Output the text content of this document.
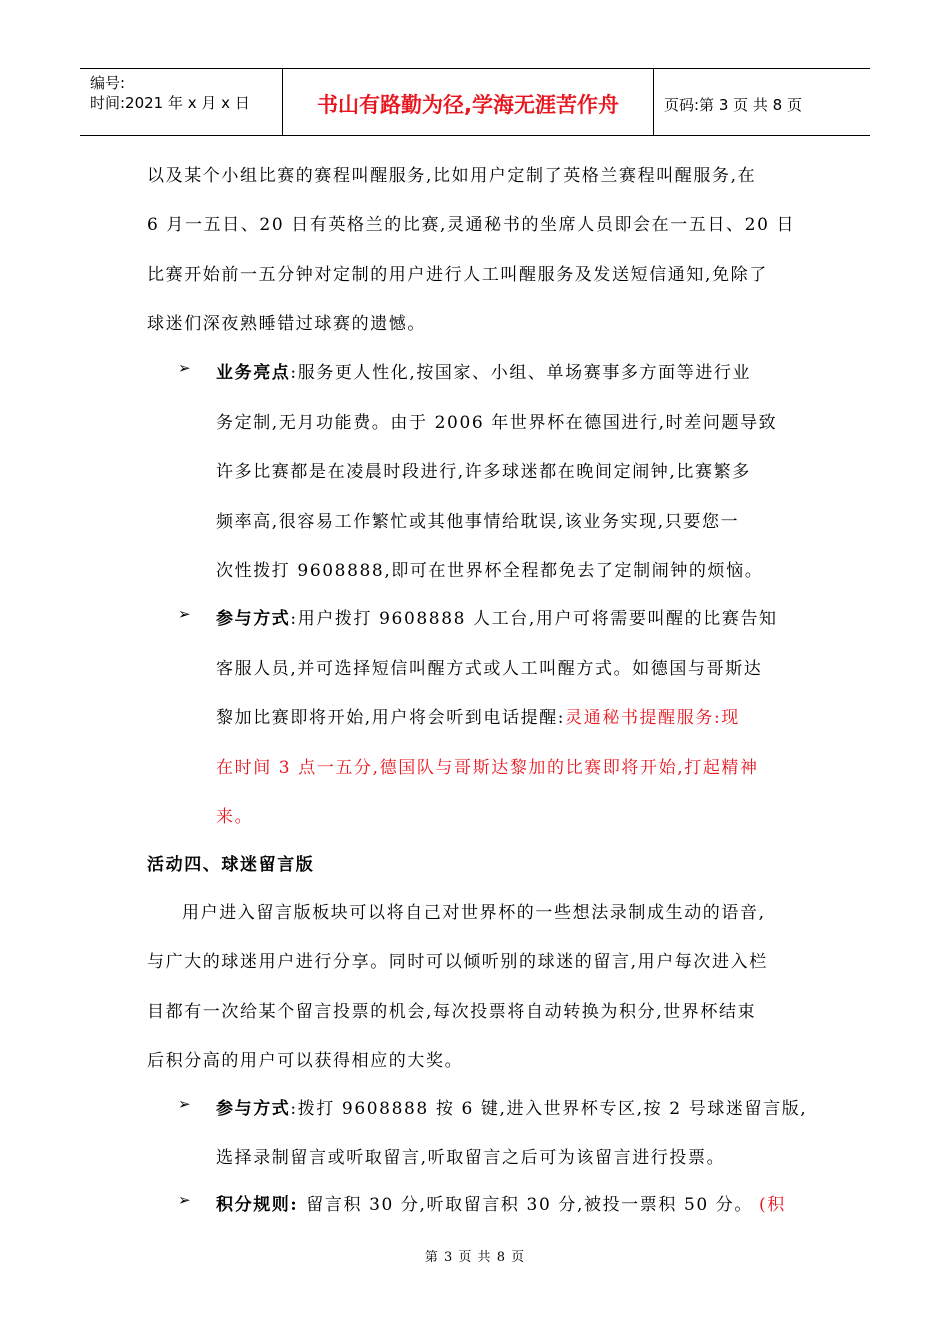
编号:
时间:2021 年 x 月 x 日	书山有路勤为径,学海无涯苦作舟	页码:第 3 页 共 8 页
以及某个小组比赛的赛程叫醒服务,比如用户定制了英格兰赛程叫醒服务,在
6 月一五日、20 日有英格兰的比赛,灵通秘书的坐席人员即会在一五日、20 日
比赛开始前一五分钟对定制的用户进行人工叫醒服务及发送短信通知,免除了
球迷们深夜熟睡错过球赛的遗憾。
➢ 业务亮点:服务更人性化,按国家、小组、单场赛事多方面等进行业
务定制,无月功能费。由于 2006 年世界杯在德国进行,时差问题导致
许多比赛都是在凌晨时段进行,许多球迷都在晚间定闹钟,比赛繁多
频率高,很容易工作繁忙或其他事情给耽误,该业务实现,只要您一
次性拨打 9608888,即可在世界杯全程都免去了定制闹钟的烦恼。
➢ 参与方式:用户拨打 9608888 人工台,用户可将需要叫醒的比赛告知
客服人员,并可选择短信叫醒方式或人工叫醒方式。如德国与哥斯达
黎加比赛即将开始,用户将会听到电话提醒:灵通秘书提醒服务:现
在时间 3 点一五分,德国队与哥斯达黎加的比赛即将开始,打起精神
来。
活动四、球迷留言版
用户进入留言版板块可以将自己对世界杯的一些想法录制成生动的语音,
与广大的球迷用户进行分享。同时可以倾听别的球迷的留言,用户每次进入栏
目都有一次给某个留言投票的机会,每次投票将自动转换为积分,世界杯结束
后积分高的用户可以获得相应的大奖。
➢ 参与方式:拨打 9608888 按 6 键,进入世界杯专区,按 2 号球迷留言版,
选择录制留言或听取留言,听取留言之后可为该留言进行投票。
➢ 积分规则: 留言积 30 分,听取留言积 30 分,被投一票积 50 分。 (积
第 3 页 共 8 页
